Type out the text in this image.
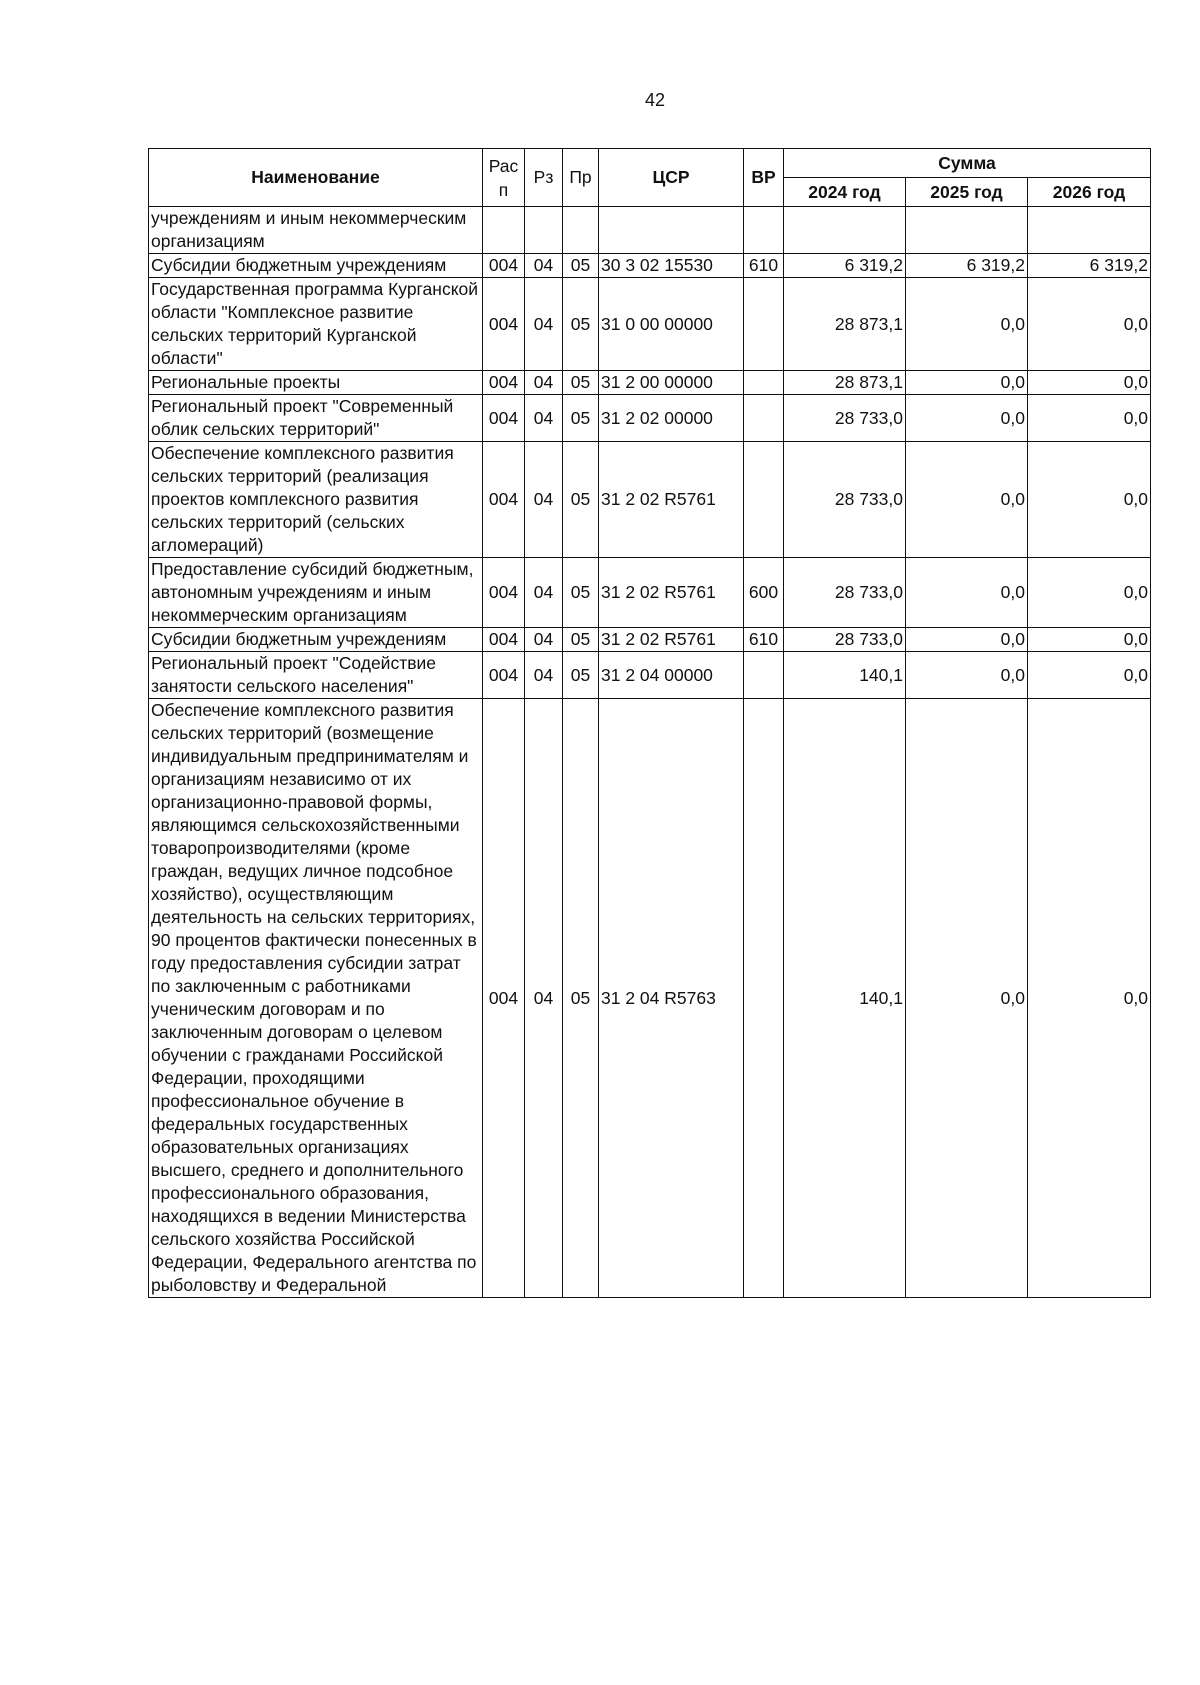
42
Наименование	Рас п	Рз	Пр	ЦСР	ВР	Сумма		
						2024 год	2025 год	2026 год
учреждениям и иным некоммерческим организациям								
Субсидии бюджетным учреждениям	004	04	05	30 3 02 15530	610	6 319,2	6 319,2	6 319,2
Государственная программа Курганской области "Комплексное развитие сельских территорий Курганской области"	004	04	05	31 0 00 00000		28 873,1	0,0	0,0
Региональные проекты	004	04	05	31 2 00 00000		28 873,1	0,0	0,0
Региональный проект "Современный облик сельских территорий"	004	04	05	31 2 02 00000		28 733,0	0,0	0,0
Обеспечение комплексного развития сельских территорий (реализация проектов комплексного развития сельских территорий (сельских агломераций)	004	04	05	31 2 02 R5761		28 733,0	0,0	0,0
Предоставление субсидий бюджетным, автономным учреждениям и иным некоммерческим организациям	004	04	05	31 2 02 R5761	600	28 733,0	0,0	0,0
Субсидии бюджетным учреждениям	004	04	05	31 2 02 R5761	610	28 733,0	0,0	0,0
Региональный проект "Содействие занятости сельского населения"	004	04	05	31 2 04 00000		140,1	0,0	0,0
Обеспечение комплексного развития сельских территорий (возмещение индивидуальным предпринимателям и организациям независимо от их организационно-правовой формы, являющимся сельскохозяйственными товаропроизводителями (кроме граждан, ведущих личное подсобное хозяйство), осуществляющим деятельность на сельских территориях, 90 процентов фактически понесенных в году предоставления субсидии затрат по заключенным с работниками ученическим договорам и по заключенным договорам о целевом обучении с гражданами Российской Федерации, проходящими профессиональное обучение в федеральных государственных образовательных организациях высшего, среднего и дополнительного профессионального образования, находящихся в ведении Министерства сельского хозяйства Российской Федерации, Федерального агентства по рыболовству и Федеральной	004	04	05	31 2 04 R5763		140,1	0,0	0,0
